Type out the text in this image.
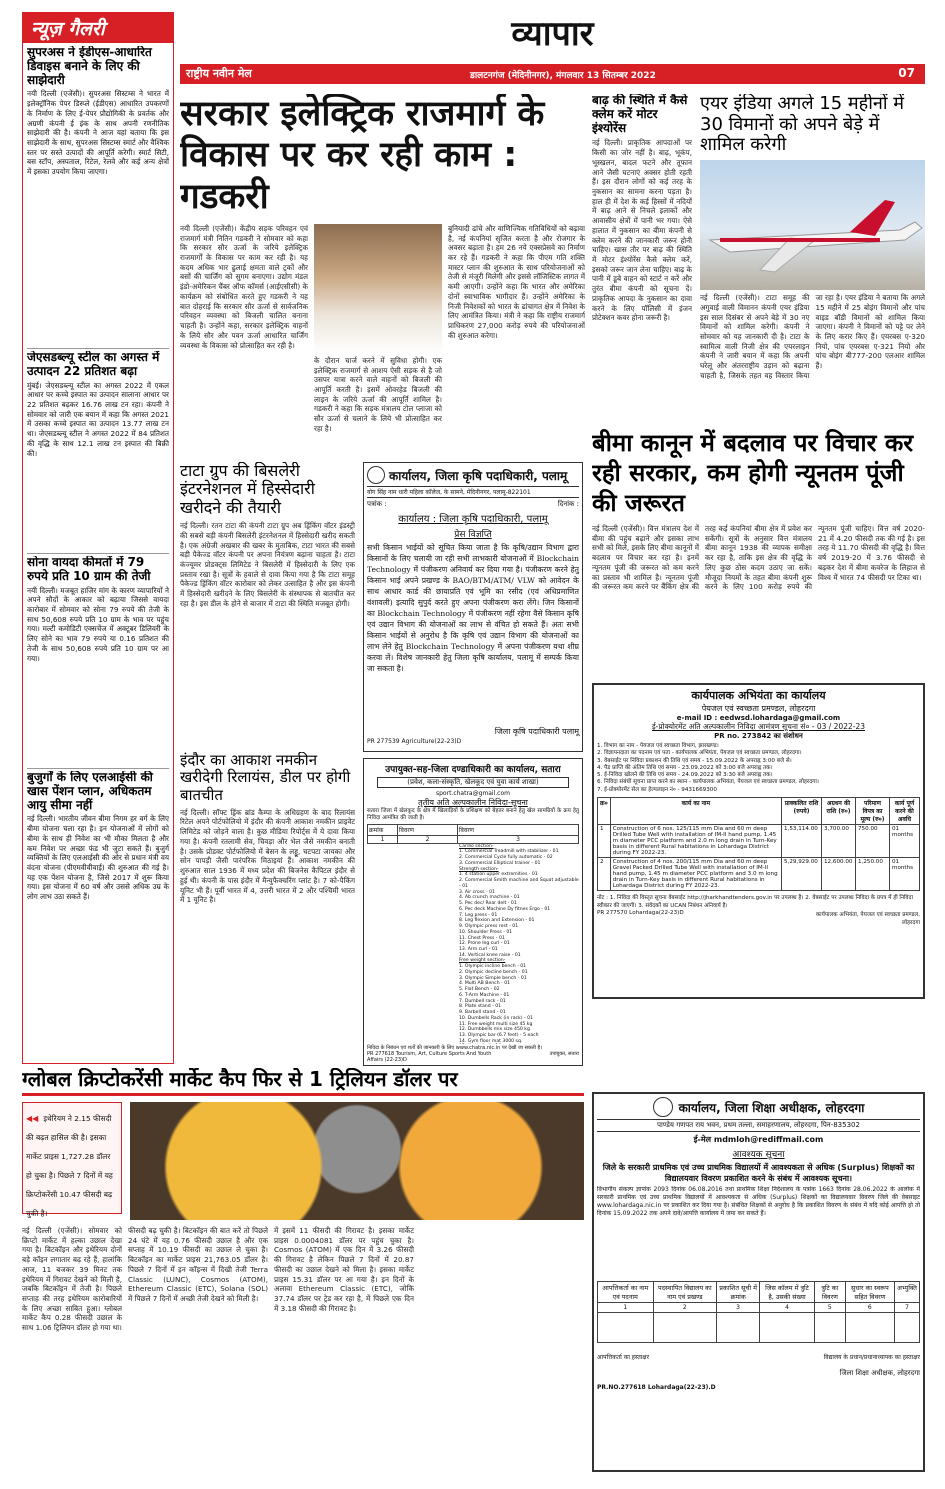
न्यूज़ गैलरी
सुपरअस ने ईडीएस-आधारित डिवाइस बनाने के लिए की साझेदारी

नयी दिल्ली (एजेंसी)। सुपरअस सिस्टम्स ने भारत में इलेक्ट्रॉनिक पेपर डिस्प्ले (ईडीएस) आधारित उपकरणों के निर्माण के लिए ई-पेपर प्रौद्योगिकी के प्रवर्तक और अग्रणी कंपनी ई इंक के साथ अपनी रणनीतिक साझेदारी की है। कंपनी ने आज यहां बताया कि इस साझेदारी के साथ, सुपरअस सिस्टम्स स्मार्ट और वैश्विक स्तर पर सस्ते उत्पादों की आपूर्ति करेगी। स्मार्ट सिटी, बस स्टॉप, अस्पताल, रिटेल, रेलवे और कई अन्य क्षेत्रों में इसका उपयोग किया जाएगा।

जेएसडब्ल्यू स्टील का अगस्त में उत्पादन 22 प्रतिशत बढ़ा

मुंबई। जेएसडब्ल्यू स्टील का अगस्त 2022 में एकल आधार पर कच्चे इस्पात का उत्पादन सालाना आधार पर 22 प्रतिशत बढ़कर 16.76 लाख टन रहा। कंपनी ने सोमवार को जारी एक बयान में कहा कि अगस्त 2021 में उसका कच्चे इस्पात का उत्पादन 13.77 लाख टन था। जेएसडब्ल्यू स्टील ने अगस्त 2022 में 84 प्रतिशत की वृद्धि के साथ 12.1 लाख टन इस्पात की बिक्री की।

सोना वायदा कीमतों में 79 रुपये प्रति 10 ग्राम की तेजी

नयी दिल्ली। मजबूत हाजिर मांग के कारण व्यापारियों ने अपने सौदों के आकार को बढ़ाया जिससे वायदा कारोबार में सोमवार को सोना 79 रुपये की तेजी के साथ 50,608 रुपये प्रति 10 ग्राम के भाव पर पहुंच गया। मल्टी कमोडिटी एक्सचेंज में अक्टूबर डिलिवरी के लिए सोने का भाव 79 रुपये या 0.16 प्रतिशत की तेजी के साथ 50,608 रुपये प्रति 10 ग्राम पर आ गया।

बुजुर्गों के लिए एलआईसी की खास पेंशन प्लान, अधिकतम आयु सीमा नहीं

नई दिल्ली। भारतीय जीवन बीमा निगम हर वर्ग के लिए बीमा योजना चला रहा है। इन योजनाओं में लोगों को बीमा के साथ ही निवेश का भी मौका मिलता है और कम निवेश पर अच्छा फंड भी जुटा सकते हैं। बुजुर्ग व्यक्तियों के लिए एलआईसी की ओर से प्रधान मंत्री वय वंदना योजना (पीएमवीवीवाई) की शुरुआत की गई है। यह एक पेंशन योजना है, जिसे 2017 में शुरू किया गया। इस योजना में 60 वर्ष और उससे अधिक उम्र के लोग लाभ उठा सकते हैं।

व्यापार
राष्ट्रीय नवीन मेल	डालटनगंज (मेदिनीनगर), मंगलवार 13 सितम्बर 2022	07
सरकार इलेक्ट्रिक राजमार्ग के विकास पर कर रही काम : गडकरी

नयी दिल्ली (एजेंसी)। केंद्रीय सड़क परिवहन एवं राजमार्ग मंत्री नितिन गडकरी ने सोमवार को कहा कि सरकार सौर ऊर्जा के जरिये इलेक्ट्रिक राजमार्गों के विकास पर काम कर रही है। यह कदम अधिक भार ढुलाई क्षमता वाले ट्रकों और बसों की चार्जिंग को सुगम बनाएगा। उद्योग मंडल इंडो-अमेरिकन चैंबर ऑफ कॉमर्स (आईएसीसी) के कार्यक्रम को संबोधित करते हुए गडकरी ने यह बात दोहराई कि सरकार सौर ऊर्जा से सार्वजनिक परिवहन व्यवस्था को बिजली चालित बनाना चाहती है। उन्होंने कहा, सरकार इलेक्ट्रिक वाहनों के लिये सौर और पवन ऊर्जा आधारित चार्जिंग व्यवस्था के विकास को प्रोत्साहित कर रही है।

के दौरान चार्ज करने में सुविधा होगी। एक इलेक्ट्रिक राजमार्ग से आशय ऐसी सड़क से है जो उसपर यात्रा करने वाले वाहनों को बिजली की आपूर्ति करती है। इसमें ओवरहेड बिजली की लाइन के जरिये ऊर्जा की आपूर्ति शामिल है। गडकरी ने कहा कि सड़क मंत्रालय टोल प्लाजा को सौर ऊर्जा से चलाने के लिये भी प्रोत्साहित कर रहा है।

बुनियादी ढांचे और वाणिज्यिक गतिविधियों को बढ़ावा है, नई कंपनियां सृजित करता है और रोजगार के अवसर बढ़ाता है। हम 26 नये एक्सप्रेसवे का निर्माण कर रहे हैं। गडकरी ने कहा कि पीएम गति शक्ति मास्टर प्लान की शुरुआत के साथ परियोजनाओं को तेजी से मंजूरी मिलेगी और इससे लॉजिस्टिक लागत में कमी आएगी। उन्होंने कहा कि भारत और अमेरिका दोनों स्वाभाविक भागीदार हैं। उन्होंने अमेरिका के निजी निवेशकों को भारत के ढांचागत क्षेत्र में निवेश के लिए आमंत्रित किया। मंत्री ने कहा कि राष्ट्रीय राजमार्ग प्राधिकरण 27,000 करोड़ रुपये की परियोजनाओं की शुरुआत करेगा।

बाढ़ की स्थिति में कैसे क्लेम करें मोटर इंश्योरेंस

नई दिल्ली। प्राकृतिक आपदाओं पर किसी का जोर नहीं है। बाढ़, भूकंप, भूस्खलन, बादल फटने और तूफान आने जैसी घटनाएं अक्सर होती रहती हैं। इस दौरान लोगों को कई तरह के नुकसान का सामना करना पड़ता है। हाल ही में देश के कई हिस्सों में नदियों में बाढ़ आने से निचले इलाकों और आवासीय क्षेत्रों में पानी भर गया। ऐसे हालात में नुकसान का बीमा कंपनी से क्लेम करने की जानकारी जरूर होनी चाहिए। खास तौर पर बाढ़ की स्थिति में मोटर इंश्योरेंस कैसे क्लेम करें, इसको जरूर जान लेना चाहिए। बाढ़ के पानी में डूबे वाहन को स्टार्ट न करें और तुरंत बीमा कंपनी को सूचना दें। प्राकृतिक आपदा के नुकसान का दावा करने के लिए पॉलिसी में इंजन प्रोटेक्शन कवर होना जरूरी है।

एयर इंडिया अगले 15 महीनों में 30 विमानों को अपने बेड़े में शामिल करेगी

नई दिल्ली (एजेंसी)। टाटा समूह की अगुवाई वाली विमानन कंपनी एयर इंडिया इस साल दिसंबर से अपने बेड़े में 30 नए विमानों को शामिल करेगी। कंपनी ने सोमवार को यह जानकारी दी है। टाटा के स्वामित्व वाली निजी क्षेत्र की एयरलाइन कंपनी ने जारी बयान में कहा कि अपनी घरेलू और अंतरराष्ट्रीय उड़ान को बढ़ाना चाहती है, जिसके तहत वह विस्तार किया जा रहा है। एयर इंडिया ने बताया कि अगले 15 महीने में 25 बोइंग विमानों और पांच वाइड बॉडी विमानों को शामिल किया जाएगा। कंपनी ने विमानों को पट्टे पर लेने के लिए करार किए हैं। एयरबस ए-320 नियो, पांच एयरबस ए-321 नियो और पांच बोइंग बी777-200 एलआर शामिल हैं।

बीमा कानून में बदलाव पर विचार कर रही सरकार, कम होगी न्यूनतम पूंजी की जरूरत

नई दिल्ली (एजेंसी)। वित्त मंत्रालय देश में बीमा की पहुंच बढ़ाने और इसका लाभ सभी को मिले, इसके लिए बीमा कानूनों में बदलाव पर विचार कर रहा है। इनमें न्यूनतम पूंजी की जरूरत को कम करने का प्रस्ताव भी शामिल है। न्यूनतम पूंजी की जरूरत कम करने पर बैंकिंग क्षेत्र की तरह कई कंपनियां बीमा क्षेत्र में प्रवेश कर सकेंगी। सूत्रों के अनुसार वित्त मंत्रालय बीमा कानून 1938 की व्यापक समीक्षा कर रहा है, ताकि इस क्षेत्र की वृद्धि के लिए कुछ ठोस कदम उठाए जा सकें। मौजूदा नियमों के तहत बीमा कंपनी शुरू करने के लिए 100 करोड़ रुपये की न्यूनतम पूंजी चाहिए। वित्त वर्ष 2020-21 में 4.20 फीसदी तक की गई है। इस तरह ये 11.70 फीसदी की वृद्धि है। वित्त वर्ष 2019-20 में 3.76 फीसदी से बढ़कर देश में बीमा कवरेज के लिहाज से विश्व में भारत 74 फीसदी पर टिका था।

टाटा ग्रुप की बिसलेरी इंटरनेशनल में हिस्सेदारी खरीदने की तैयारी

नई दिल्ली। रतन टाटा की कंपनी टाटा ग्रुप अब ड्रिंकिंग वॉटर इंडस्ट्री की सबसे बड़ी कंपनी बिसलेरी इंटरनेशनल में हिस्सेदारी खरीद सकती है। एक अंग्रेजी अखबार की खबर के मुताबिक, टाटा भारत की सबसे बड़ी पैकेज्ड वॉटर कंपनी पर अपना नियंत्रण बढ़ाना चाहता है। टाटा कंज्यूमर प्रोडक्ट्स लिमिटेड ने बिसलेरी में हिस्सेदारी के लिए एक प्रस्ताव रखा है। सूत्रों के हवाले से दावा किया गया है कि टाटा समूह पैकेज्ड ड्रिंकिंग वॉटर कारोबार को लेकर उत्साहित है और इस कंपनी में हिस्सेदारी खरीदने के लिए बिसलेरी के संस्थापक से बातचीत कर रहा है। इस डील के होने से बाजार में टाटा की स्थिति मजबूत होगी।

इंदौर का आकाश नमकीन खरीदेगी रिलायंस, डील पर होगी बातचीत

नई दिल्ली। सॉफ्ट ड्रिंक ब्रांड कैम्पा के अधिग्रहण के बाद रिलायंस रिटेल अपने पोर्टफोलियो में इंदौर की कंपनी आकाश नमकीन प्राइवेट लिमिटेड को जोड़ने वाला है। कुछ मीडिया रिपोर्ट्स में ये दावा किया गया है। कंपनी रतलामी सेव, चिवड़ा और भेल जैसे नमकीन बनाती है। उसके प्रोडक्ट पोर्टफोलियो में बेसन के लड्डू, चटपटा जायका और सोन पापड़ी जैसी पारंपरिक मिठाइयां हैं। आकाश नमकीन की शुरुआत साल 1936 में मध्य प्रदेश की बिजनेस कैपिटल इंदौर से हुई थी। कंपनी के पास इंदौर में मैन्युफैक्चरिंग प्लांट है। 7 को-पैकिंग यूनिट भी हैं। पूर्वी भारत में 4, उत्तरी भारत में 2 और पश्चिमी भारत में 1 यूनिट है।

कार्यालय, जिला कृषि पदाधिकारी, पलामू
योग सिंह नाम धारी महिला कॉलेज, के सामने, मेदिनीनगर, पलामू-822101
पत्रांक :	दिनांक :
कार्यालय : जिला कृषि पदाधिकारी, पलामू
प्रेस विज्ञप्ति

सभी किसान भाईयों को सूचित किया जाता है कि कृषि/उद्यान विभाग द्वारा किसानों के लिए चलायी जा रही सभी लाभकारी योजनाओं में Blockchain Technology में पंजीकरण अनिवार्य कर दिया गया है। पंजीकरण करने हेतु किसान भाई अपने प्रखण्ड के BAO/BTM/ATM/ VLW को आवेदन के साथ आधार कार्ड की छायाप्रति एवं भूमि का रसीद (एवं अधिप्रमाणित वंशावली) इत्यादि सुपुर्द करते हुए अपना पंजीकरण करा लेंगे। जिन किसानों का Blockchain Technology में पंजीकरण नहीं रहेगा वैसे किसान कृषि एवं उद्यान विभाग की योजनाओं का लाभ से वंचित हो सकते हैं। अतः सभी किसान भाईयों से अनुरोध है कि कृषि एवं उद्यान विभाग की योजनाओं का लाभ लेने हेतु Blockchain Technology में अपना पंजीकरण यथा शीघ्र करवा लें। विशेष जानकारी हेतु जिला कृषि कार्यालय, पलामू में सम्पर्क किया जा सकता है।

जिला कृषि पदाधिकारी पलामू
PR 277539 Agriculture(22-23)D
उपायुक्त-सह-जिला दण्डाधिकारी का कार्यालय, सतारा
(प्रवेश, कला-संस्कृति, खेलकूद एवं युवा कार्य शाखा)
sport.chatra@gmail.com
तृतीय अति अल्पकालीन निविदा-सूचना

सतारा जिला में खेलकूद के क्षेत्र में खिलाड़ियों के प्रशिक्षण को बेहतर बनाने हेतु खेल सामग्रियों के क्रय हेतु निविदा आमंत्रित की जाती है।

क्रमांक	विवरण	विवरण
1	2	3
Cardio section-
1. Commercial Treadmill with stabilizer - 01
2. Commercial Cycle fully automatic - 02
3. Commercial Elliptical trainer - 01
Strength section-
1. 4 station upper extremities - 01
2. Commercial Smith machine and Squat adjustable - 01
3. Air cross - 01
4. Ab crunch machine - 01
5. Pec dec/ Rear delt - 01
6. Pec deck Machine Dy fitnes Ergo - 01
7. Leg press - 01
8. Leg flexion and Extension - 01
9. Olympic press rest - 01
10. Shoulder Press - 01
11. Chest Press - 01
12. Prone leg curl - 01
13. Arm curl - 01
14. Vertical knee raise - 01
Free weight section-
1. Olympic incline bench - 01
2. Olympic decline bench - 01
3. Olympic Simple bench - 01
4. Multi AB Bench - 01
5. Flat Bench - 02
6. T-Arm Machine - 01
7. Dumbell rack - 01
8. Plate stand - 01
9. Barbell stand - 01
10. Dumbells Rack (in rack) - 01
11. Free weight multi size 45 kg
12. Dumbbells mix size 450 kg
13. Olympic bar (6.7 feet) - 5 each
14. Gym floor mat 3000 sq.
निविदा के निबंधन एवं शर्तों की जानकारी के लिए www.chatra.nic.in पर देखी जा सकती है।
PR 277618 Tourism, Art, Culture Sports And Youth Affairs (22-23)D
उपायुक्त, सतारा
कार्यपालक अभियंता का कार्यालय
पेयजल एवं स्वच्छता प्रमण्डल, लोहरदगा
e-mail ID : eedwsd.lohardaga@gmail.com
ई-प्रोक्योरमेंट अति अल्पकालीन निविदा आमंत्रण सूचना सं० - 03 / 2022-23
PR no. 273842 का संशोधन
1. विभाग का नाम - पेयजल एवं स्वच्छता विभाग, झारखण्ड।
2. विज्ञापनदाता का पदनाम एवं पता - कार्यपालक अभियंता, पेयजल एवं स्वच्छता प्रमण्डल, लोहरदगा।
3. वेबसाईट पर निविदा प्रकाशन की तिथि एवं समय - 15.09.2022 के अपराह्न 3:00 बजे से।
4. पैड प्राप्ति की अंतिम तिथि एवं समय - 23.09.2022 को 3:00 बजे अपराह्न तक।
5. ई-निविदा खोलने की तिथि एवं समय - 24.09.2022 को 3:30 बजे अपराह्न तक।
6. निविदा संबंधी सूचना प्राप्त करने का स्थान - कार्यपालक अभियंता, पेयजल एवं स्वच्छता प्रमण्डल, लोहरदगा।
7. ई-प्रोक्योरमेंट सेल का हेल्पलाइन नं० - 9431669300
क्र०	कार्य का नाम	प्राक्कलित राशि (रुपये)	अग्रधन की राशि (रु०)	परिमाण विपत्र का मूल्य (रु०)	कार्य पूर्ण करने की अवधि
1	Construction of 6 nos. 125/115 mm Dia and 60 m deep Drilled Tube Well with installation of IM-II hand pump, 1.45 m diameter PCC platform and 2.0 m long drain in Turn-Key basis in different Rural habitations in Lohardaga District during FY 2022-23.	1,53,114.00	3,700.00	750.00	01 months
2	Construction of 4 nos. 200/115 mm Dia and 60 m deep Gravel Packed Drilled Tube Well with installation of IM-II hand pump, 1.45 m diameter PCC platform and 3.0 m long drain in Turn-Key basis in different Rural habitations in Lohardaga District during FY 2022-23.	5,29,929.00	12,600.00	1,250.00	01 months
नोट : 1. निविदा की विस्तृत सूचना वेबसाईट http://jharkhandtenders.gov.in पर उपलब्ध है। 2. वेबसाईट पर उपलब्ध निविदा के प्रपत्र में ही निविदा स्वीकार की जाएगी। 3. संवेदकों का UCAN निबंधन अनिवार्य है।
PR 277570 Lohardaga(22-23)D	कार्यपालक अभियंता, पेयजल एवं स्वच्छता प्रमण्डल, लोहरदगा
कार्यालय, जिला शिक्षा अधीक्षक, लोहरदगा
पाण्डेय गणपत राय भवन, प्रथम तल्ला, समाहरणालय, लोहरदगा, पिन-835302
ई-मेल mdmloh@rediffmail.com
आवश्यक सूचना
जिले के सरकारी प्राथमिक एवं उच्च प्राथमिक विद्यालयों में आवश्यकता से अधिक (Surplus) शिक्षकों का विद्यालयवार विवरण प्रकाशित करने के संबंध में आवश्यक सूचना।

विभागीय संकल्प ज्ञापांक 2093 दिनांक 06.08.2016 तथा प्राथमिक शिक्षा निदेशालय के पत्रांक 1663 दिनांक 28.06.2022 के आलोक में सरकारी प्राथमिक एवं उच्च प्राथमिक विद्यालयों में आवश्यकता से अधिक (Surplus) शिक्षकों का विद्यालयवार विवरण जिले की वेबसाइट www.lohardaga.nic.in पर प्रकाशित कर दिया गया है। संबंधित शिक्षकों से अनुरोध है कि प्रकाशित विवरण के संबंध में यदि कोई आपत्ति हो तो दिनांक 15.09.2022 तक अपने दावे/आपत्ति कार्यालय में जमा कर सकते हैं।

आपत्तिकर्ता का नाम एवं पदनाम	पदस्थापित विद्यालय का नाम एवं प्रखण्ड	प्रकाशित सूची में क्रमांक	जिस कॉलम में त्रुटि है, उसकी संख्या	त्रुटि का विवरण	सुधार का स्वरूप सहित विवरण	अभ्युक्ति
1	2	3	4	5	6	7

आपत्तिकर्ता का हस्ताक्षर	विद्यालय के प्रधान/प्रधानाध्यापक का हस्ताक्षर
जिला शिक्षा अधीक्षक, लोहरदगा
PR.NO.277618 Lohardaga(22-23).D
ग्लोबल क्रिप्टोकरेंसी मार्केट कैप फिर से 1 ट्रिलियन डॉलर पर
◀◀ इथेरियम ने 2.15 फीसदी की बढ़त हासिल की है। इसका मार्केट प्राइस 1,727.28 डॉलर हो चुका है। पिछले 7 दिनों में यह क्रिप्टोकरेंसी 10.47 फीसदी बढ़ चुकी है।

नई दिल्ली (एजेंसी)। सोमवार को क्रिप्टो मार्केट में हल्का उछाल देखा गया है। बिटकॉइन और इथेरियम दोनों बड़े कॉइन लगातार बढ़ रहे हैं, हालांकि आज, 11 बजकर 39 मिनट तक इथेरियम में गिरावट देखने को मिली है, जबकि बिटकॉइन में तेजी है। पिछले सप्ताह की तरह इथेरियम कारोबारियों के लिए अच्छा साबित हुआ। ग्लोबल मार्केट कैप 0.28 फीसदी उछाल के साथ 1.06 ट्रिलियन डॉलर हो गया था।

फीसदी बढ़ चुकी है। बिटकॉइन की बात करें तो पिछले 24 घंटे में यह 0.76 फीसदी उछाल है और एक सप्ताह में 10.19 फीसदी का उछाल ले चुका है। बिटकॉइन का मार्केट प्राइस 21,763.05 डॉलर है। पिछले 7 दिनों में इन कॉइन्स में दिखी तेजी Terra Classic (LUNC), Cosmos (ATOM), Ethereum Classic (ETC), Solana (SOL) में पिछले 7 दिनों में अच्छी तेजी देखने को मिली है।

में इसमें 11 फीसदी की गिरावट है। इसका मार्केट प्राइस 0.0004081 डॉलर पर पहुंच चुका है। Cosmos (ATOM) में एक दिन में 3.26 फीसदी की गिरावट है लेकिन पिछले 7 दिनों में 20.87 फीसदी का उछाल देखने को मिला है। इसका मार्केट प्राइस 15.31 डॉलर पर आ गया है। इन दिनों के अलावा Ethereum Classic (ETC), जोकि 37.74 डॉलर पर ट्रेड कर रहा है, में पिछले एक दिन में 3.18 फीसदी की गिरावट है।
